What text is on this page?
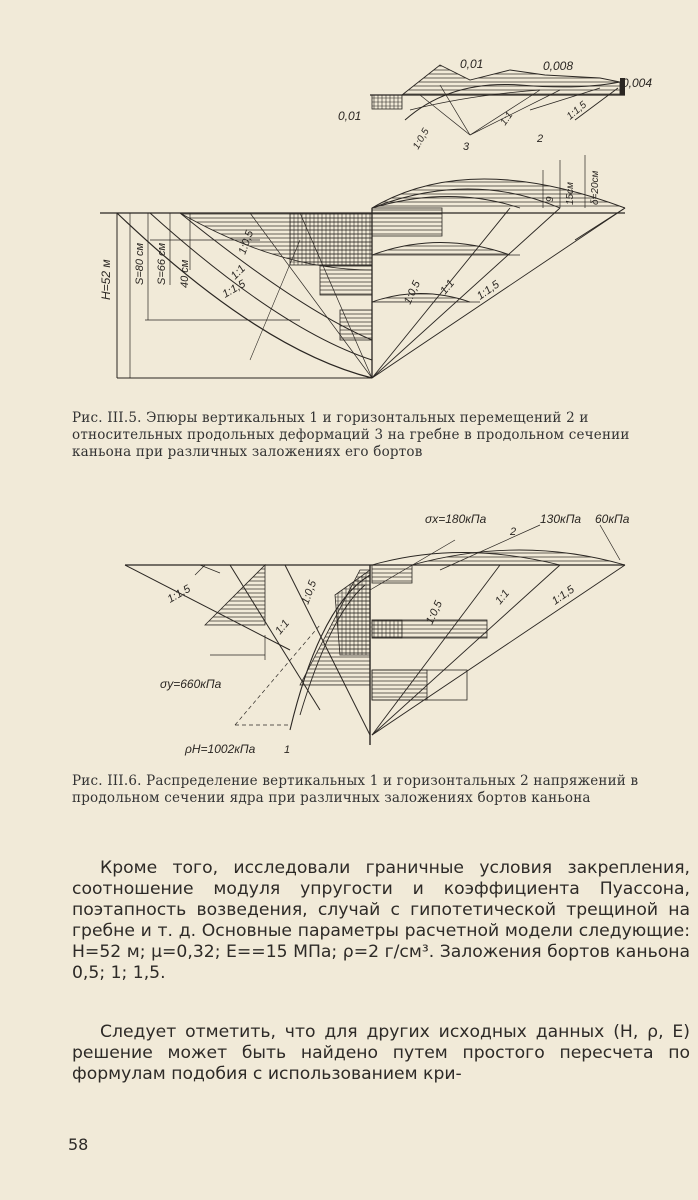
0,01	0,008
0,004
0,01
1:0,5
1:1	1:1,5
3
2
H=52 м S=80 см S=66 см 40 см
1:0,5
1:1
1:1,5	1:0,5 1:1 1:1,5
9 15см δ=20см
Рис. III.5. Эпюры вертикальных 1 и горизонтальных перемещений 2 и относительных продольных деформаций 3 на гребне в продольном сечении каньона при различных заложениях его бортов
σx=180кПа	130кПа 60кПа
2
1:1,5	1:0,5
1:1
1:0,5
1:1	1:1,5
σy=660кПа
ρH=1002кПа	1
Рис. III.6. Распределение вертикальных 1 и горизонтальных 2 напряжений в продольном сечении ядра при различных заложениях бортов каньона
Кроме того, исследовали граничные условия закрепления, соотношение модуля упругости и коэффициента Пуассона, поэтапность возведения, случай с гипотетической трещиной на гребне и т. д. Основные параметры расчетной модели следующие: H=52 м; μ=0,32; E==15 МПа; ρ=2 г/см³. Заложения бортов каньона 0,5; 1; 1,5.
Следует отметить, что для других исходных данных (H, ρ, E) решение может быть найдено путем простого пересчета по формулам подобия с использованием кри-
58
